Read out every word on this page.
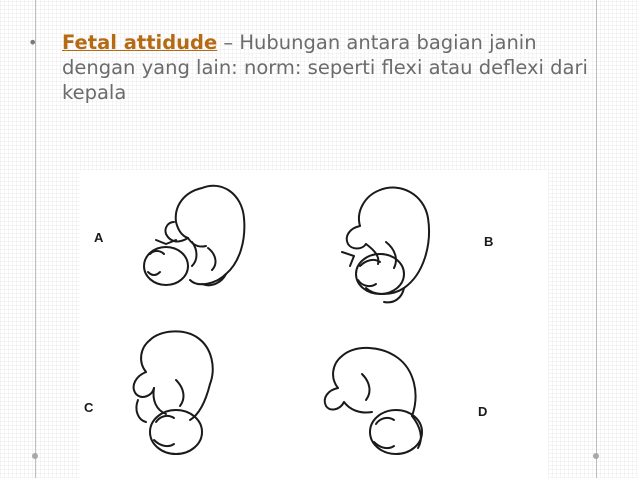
• Fetal attidude – Hubungan antara bagian janin dengan yang lain: norm: seperti flexi atau deflexi dari kepala
A	B
C	D
